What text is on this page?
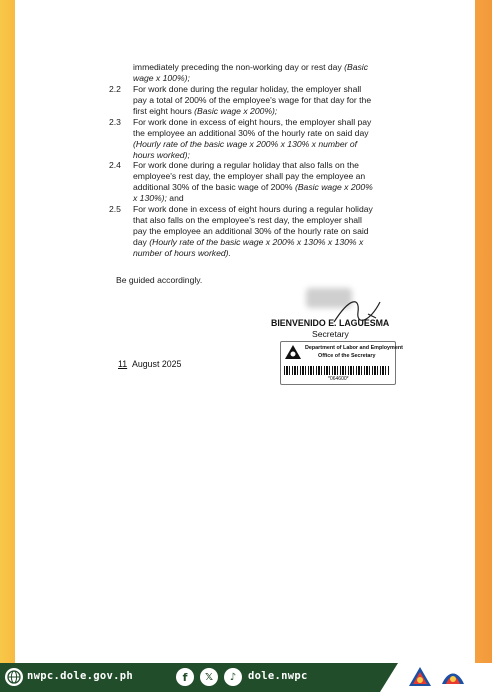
immediately preceding the non-working day or rest day (Basic
wage x 100%);
2.2 For work done during the regular holiday, the employer shall
pay a total of 200% of the employee's wage for that day for the
first eight hours (Basic wage x 200%);
2.3 For work done in excess of eight hours, the employer shall pay
the employee an additional 30% of the hourly rate on said day
(Hourly rate of the basic wage x 200% x 130% x number of
hours worked);
2.4 For work done during a regular holiday that also falls on the
employee's rest day, the employer shall pay the employee an
additional 30% of the basic wage of 200% (Basic wage x 200%
x 130%); and
2.5 For work done in excess of eight hours during a regular holiday
that also falls on the employee's rest day, the employer shall
pay the employee an additional 30% of the hourly rate on said
day (Hourly rate of the basic wage x 200% x 130% x 130% x
number of hours worked).
Be guided accordingly.
BIENVENIDO E. LAGUESMA
Secretary
Department of Labor and Employment
Office of the Secretary
*064600*
11 August 2025
nwpc.dole.gov.ph	f	𝕏	♪	dole.nwpc
